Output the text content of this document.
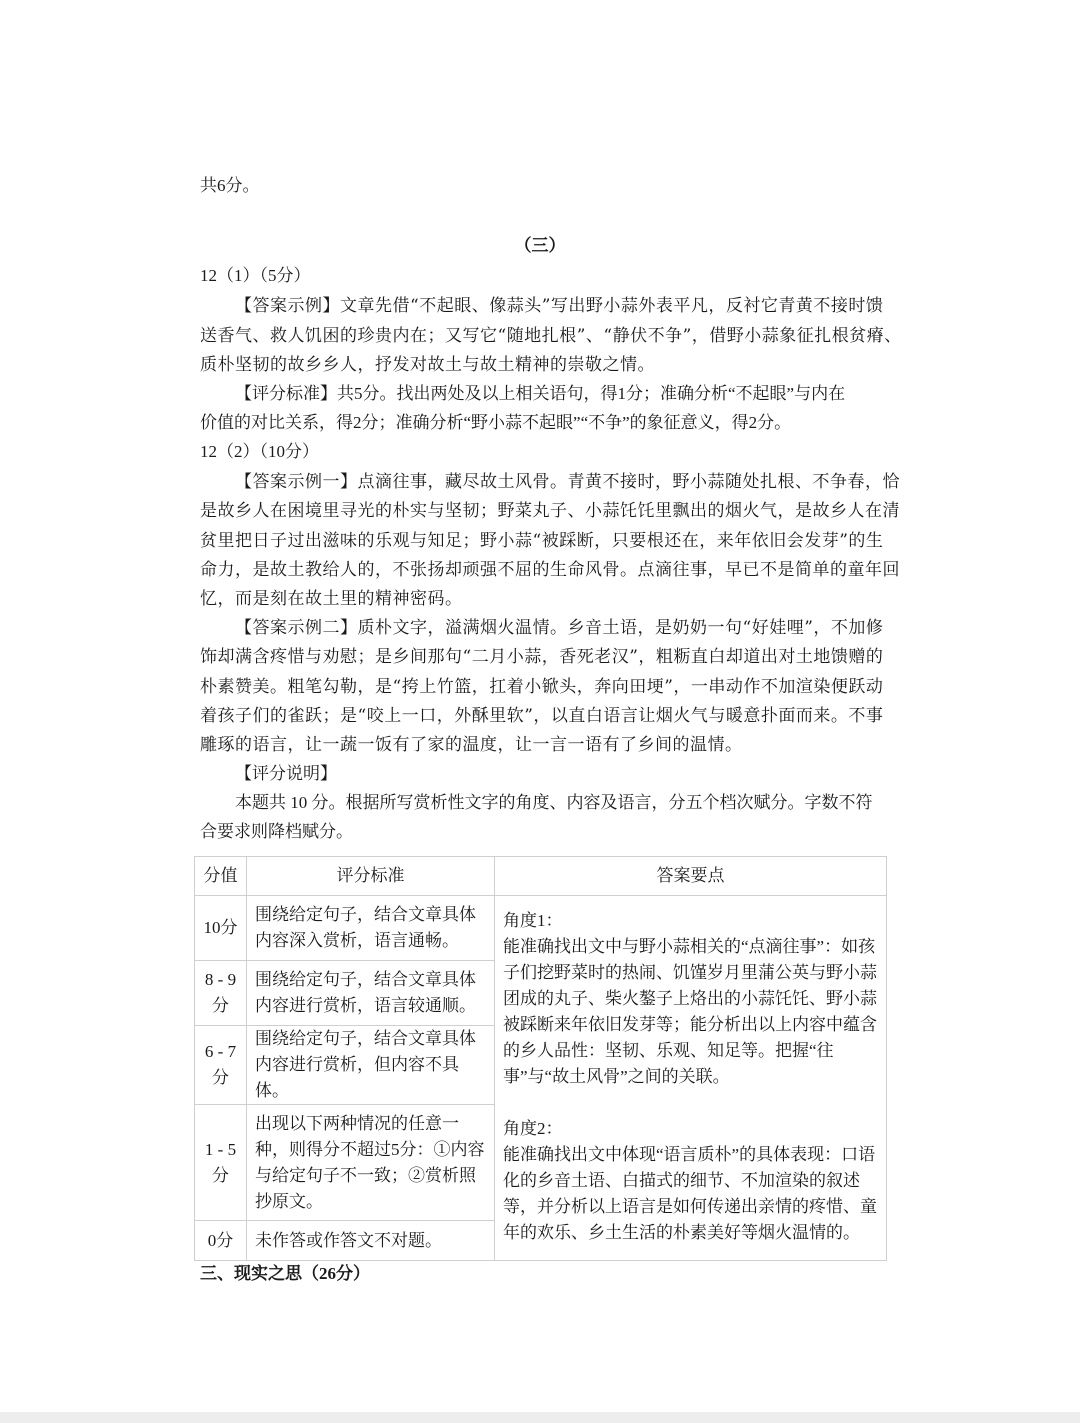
共6分。
（三）
12（1）（5分）
【答案示例】文章先借“不起眼、像蒜头”写出野小蒜外表平凡，反衬它青黄不接时馈
送香气、救人饥困的珍贵内在；又写它“随地扎根”、“静伏不争”，借野小蒜象征扎根贫瘠、
质朴坚韧的故乡乡人，抒发对故土与故土精神的崇敬之情。
【评分标准】共5分。找出两处及以上相关语句，得1分；准确分析“不起眼”与内在
价值的对比关系，得2分；准确分析“野小蒜不起眼”“不争”的象征意义，得2分。
12（2）（10分）
【答案示例一】点滴往事，藏尽故土风骨。青黄不接时，野小蒜随处扎根、不争春，恰
是故乡人在困境里寻光的朴实与坚韧；野菜丸子、小蒜饦饦里飘出的烟火气，是故乡人在清
贫里把日子过出滋味的乐观与知足；野小蒜“被踩断，只要根还在，来年依旧会发芽”的生
命力，是故土教给人的，不张扬却顽强不屈的生命风骨。点滴往事，早已不是简单的童年回
忆，而是刻在故土里的精神密码。
【答案示例二】质朴文字，溢满烟火温情。乡音土语，是奶奶一句“好娃哩”，不加修
饰却满含疼惜与劝慰；是乡间那句“二月小蒜，香死老汉”，粗粝直白却道出对土地馈赠的
朴素赞美。粗笔勾勒，是“挎上竹篮，扛着小锨头，奔向田埂”，一串动作不加渲染便跃动
着孩子们的雀跃；是“咬上一口，外酥里软”，以直白语言让烟火气与暖意扑面而来。不事
雕琢的语言，让一蔬一饭有了家的温度，让一言一语有了乡间的温情。
【评分说明】
本题共 10 分。根据所写赏析性文字的角度、内容及语言，分五个档次赋分。字数不符
合要求则降档赋分。
分值	评分标准	答案要点
10分	围绕给定句子，结合文章具体内容深入赏析，语言通畅。	角度1：
能准确找出文中与野小蒜相关的“点滴往事”：如孩子们挖野菜时的热闹、饥馑岁月里蒲公英与野小蒜团成的丸子、柴火鏊子上烙出的小蒜饦饦、野小蒜被踩断来年依旧发芽等；能分析出以上内容中蕴含的乡人品性：坚韧、乐观、知足等。把握“往事”与“故土风骨”之间的关联。
角度2：
能准确找出文中体现“语言质朴”的具体表现：口语化的乡音土语、白描式的细节、不加渲染的叙述等，并分析以上语言是如何传递出亲情的疼惜、童年的欢乐、乡土生活的朴素美好等烟火温情的。

8 - 9分	围绕给定句子，结合文章具体内容进行赏析，语言较通顺。	
6 - 7分	围绕给定句子，结合文章具体内容进行赏析，但内容不具体。	
1 - 5分	出现以下两种情况的任意一种，则得分不超过5分：①内容与给定句子不一致；②赏析照抄原文。	
0分	未作答或作答文不对题。	
三、现实之思（26分）
